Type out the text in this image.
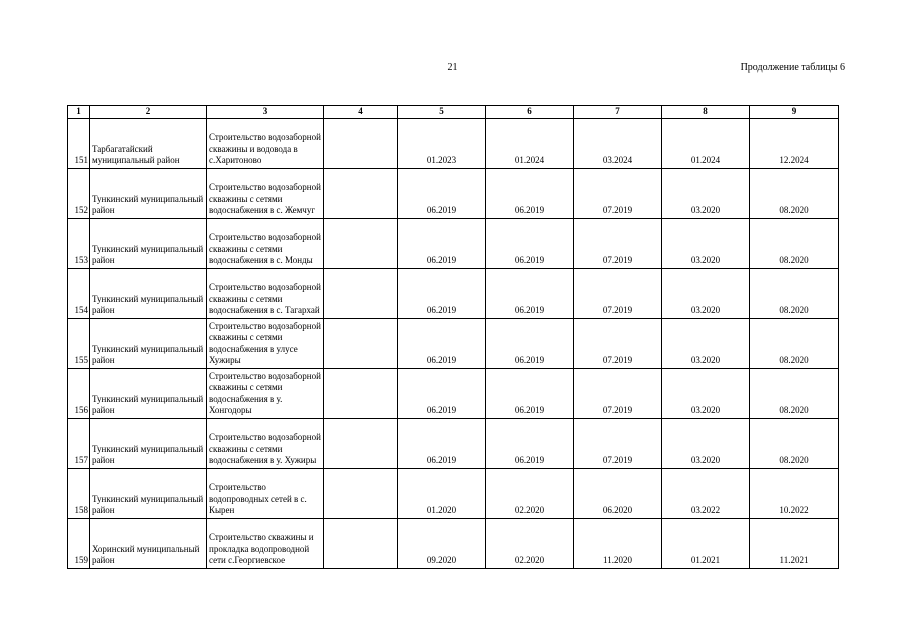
21	Продолжение таблицы 6
1	2	3	4	5	6	7	8	9
151	Тарбагатайский муниципальный район	Строительство водозаборной скважины и водовода в с.Харитоново		01.2023	01.2024	03.2024	01.2024	12.2024
152	Тункинский муниципальный район	Строительство водозаборной скважины с сетями водоснабжения в с. Жемчуг		06.2019	06.2019	07.2019	03.2020	08.2020
153	Тункинский муниципальный район	Строительство водозаборной скважины с сетями водоснабжения в с. Монды		06.2019	06.2019	07.2019	03.2020	08.2020
154	Тункинский муниципальный район	Строительство водозаборной скважины с сетями водоснабжения в с. Тагархай		06.2019	06.2019	07.2019	03.2020	08.2020
155	Тункинский муниципальный район	Строительство водозаборной скважины с сетями водоснабжения в улусе Хужиры		06.2019	06.2019	07.2019	03.2020	08.2020
156	Тункинский муниципальный район	Строительство водозаборной скважины с сетями водоснабжения в у. Хонгодоры		06.2019	06.2019	07.2019	03.2020	08.2020
157	Тункинский муниципальный район	Строительство водозаборной скважины с сетями водоснабжения в у. Хужиры		06.2019	06.2019	07.2019	03.2020	08.2020
158	Тункинский муниципальный район	Строительство водопроводных сетей в с. Кырен		01.2020	02.2020	06.2020	03.2022	10.2022
159	Хоринский муниципальный район	Строительство скважины и прокладка водопроводной сети с.Георгиевское		09.2020	02.2020	11.2020	01.2021	11.2021
